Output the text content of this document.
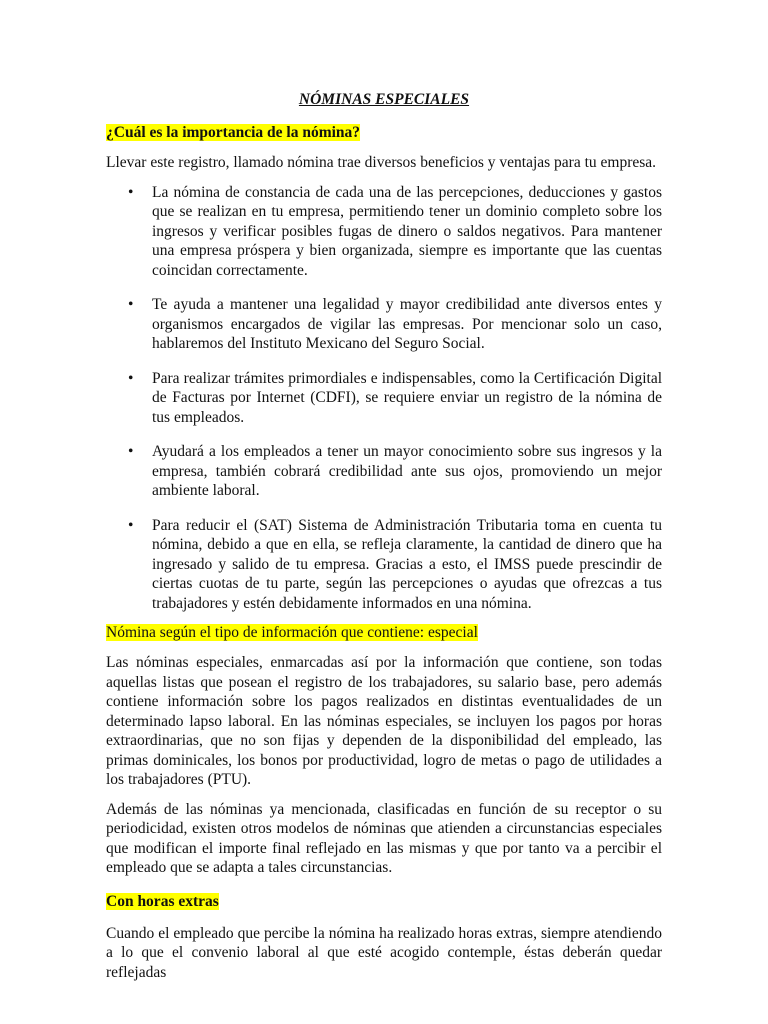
NÓMINAS ESPECIALES
¿Cuál es la importancia de la nómina?

Llevar este registro, llamado nómina trae diversos beneficios y ventajas para tu empresa.

• La nómina de constancia de cada una de las percepciones, deducciones y gastos que se realizan en tu empresa, permitiendo tener un dominio completo sobre los ingresos y verificar posibles fugas de dinero o saldos negativos. Para mantener una empresa próspera y bien organizada, siempre es importante que las cuentas coincidan correctamente.
• Te ayuda a mantener una legalidad y mayor credibilidad ante diversos entes y organismos encargados de vigilar las empresas. Por mencionar solo un caso, hablaremos del Instituto Mexicano del Seguro Social.
• Para realizar trámites primordiales e indispensables, como la Certificación Digital de Facturas por Internet (CDFI), se requiere enviar un registro de la nómina de tus empleados.
• Ayudará a los empleados a tener un mayor conocimiento sobre sus ingresos y la empresa, también cobrará credibilidad ante sus ojos, promoviendo un mejor ambiente laboral.
• Para reducir el (SAT) Sistema de Administración Tributaria toma en cuenta tu nómina, debido a que en ella, se refleja claramente, la cantidad de dinero que ha ingresado y salido de tu empresa. Gracias a esto, el IMSS puede prescindir de ciertas cuotas de tu parte, según las percepciones o ayudas que ofrezcas a tus trabajadores y estén debidamente informados en una nómina.
Nómina según el tipo de información que contiene: especial

Las nóminas especiales, enmarcadas así por la información que contiene, son todas aquellas listas que posean el registro de los trabajadores, su salario base, pero además contiene información sobre los pagos realizados en distintas eventualidades de un determinado lapso laboral. En las nóminas especiales, se incluyen los pagos por horas extraordinarias, que no son fijas y dependen de la disponibilidad del empleado, las primas dominicales, los bonos por productividad, logro de metas o pago de utilidades a los trabajadores (PTU).

Además de las nóminas ya mencionada, clasificadas en función de su receptor o su periodicidad, existen otros modelos de nóminas que atienden a circunstancias especiales que modifican el importe final reflejado en las mismas y que por tanto va a percibir el empleado que se adapta a tales circunstancias.

Con horas extras

Cuando el empleado que percibe la nómina ha realizado horas extras, siempre atendiendo a lo que el convenio laboral al que esté acogido contemple, éstas deberán quedar reflejadas
